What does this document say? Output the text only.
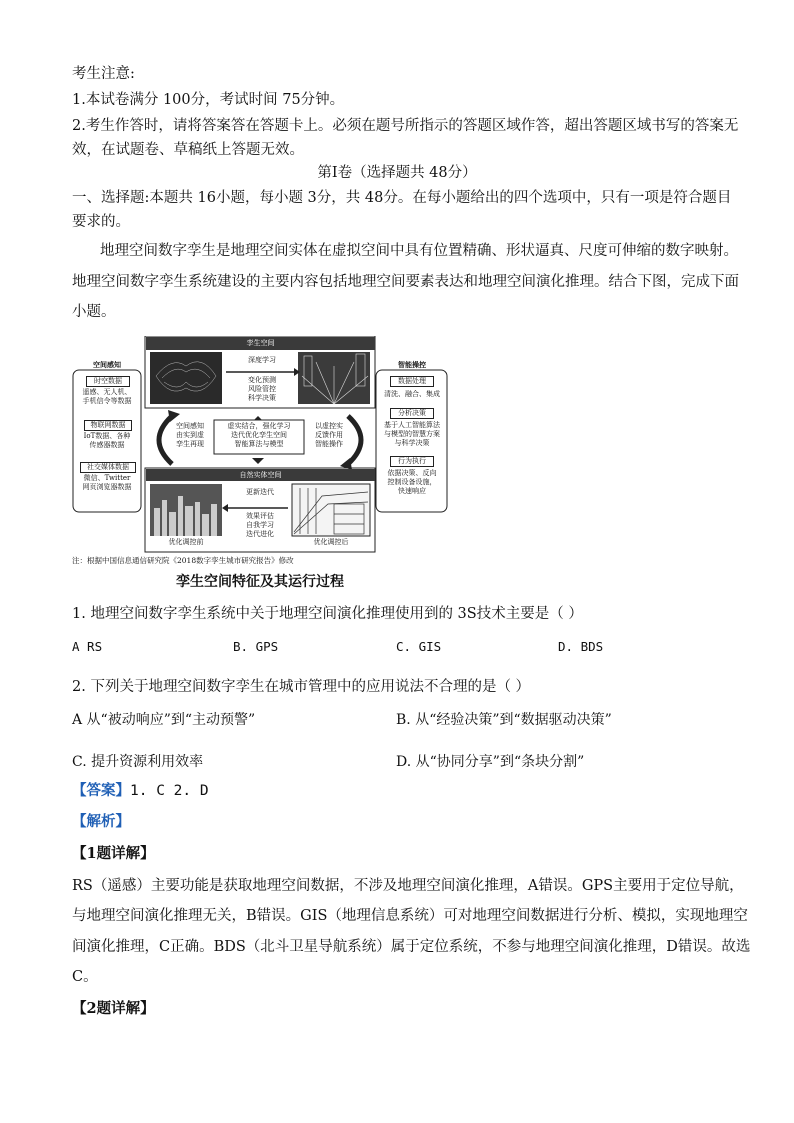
考生注意:
1.本试卷满分 100分，考试时间 75分钟。
2.考生作答时，请将答案答在答题卡上。必须在题号所指示的答题区域作答，超出答题区域书写的答案无
效，在试题卷、草稿纸上答题无效。
第Ⅰ卷（选择题共 48分）
一、选择题:本题共 16小题，每小题 3分，共 48分。在每小题给出的四个选项中，只有一项是符合题目
要求的。
地理空间数字孪生是地理空间实体在虚拟空间中具有位置精确、形状逼真、尺度可伸缩的数字映射。
地理空间数字孪生系统建设的主要内容包括地理空间要素表达和地理空间演化推理。结合下图，完成下面
小题。
孪生空间
自然实体空间
深度学习
变化预测
风险管控
科学决策
虚实结合，强化学习
迭代优化孪生空间
智能算法与模型
空间感知
由实到虚
孪生再现
以虚控实
反馈作用
智能操作
更新迭代
效果评估
自我学习
迭代进化
优化调控前	优化调控后
空间感知
时空数据
遥感、无人机、
手机信令等数据
物联网数据
IoT数据、各种
传感器数据
社交媒体数据
微信、Twitter
网页浏览器数据
智能操控
数据处理
清洗、融合、集成
分析决策
基于人工智能算法
与模型的智慧方案
与科学决策
行为执行
依据决策、反向
控制设备设施，
快速响应
注：根据中国信息通信研究院《2018数字孪生城市研究报告》修改
孪生空间特征及其运行过程
1. 地理空间数字孪生系统中关于地理空间演化推理使用到的 3S技术主要是（ ）
A RS	B. GPS	C. GIS	D. BDS
2. 下列关于地理空间数字孪生在城市管理中的应用说法不合理的是（ ）
A 从“被动响应”到“主动预警”	B. 从“经验决策”到“数据驱动决策”
C. 提升资源利用效率	D. 从“协同分享”到“条块分割”
【答案】1. C 2. D
【解析】
【1题详解】
RS（遥感）主要功能是获取地理空间数据，不涉及地理空间演化推理，A错误。GPS主要用于定位导航，
与地理空间演化推理无关，B错误。GIS（地理信息系统）可对地理空间数据进行分析、模拟，实现地理空
间演化推理，C正确。BDS（北斗卫星导航系统）属于定位系统，不参与地理空间演化推理，D错误。故选
C。
【2题详解】
